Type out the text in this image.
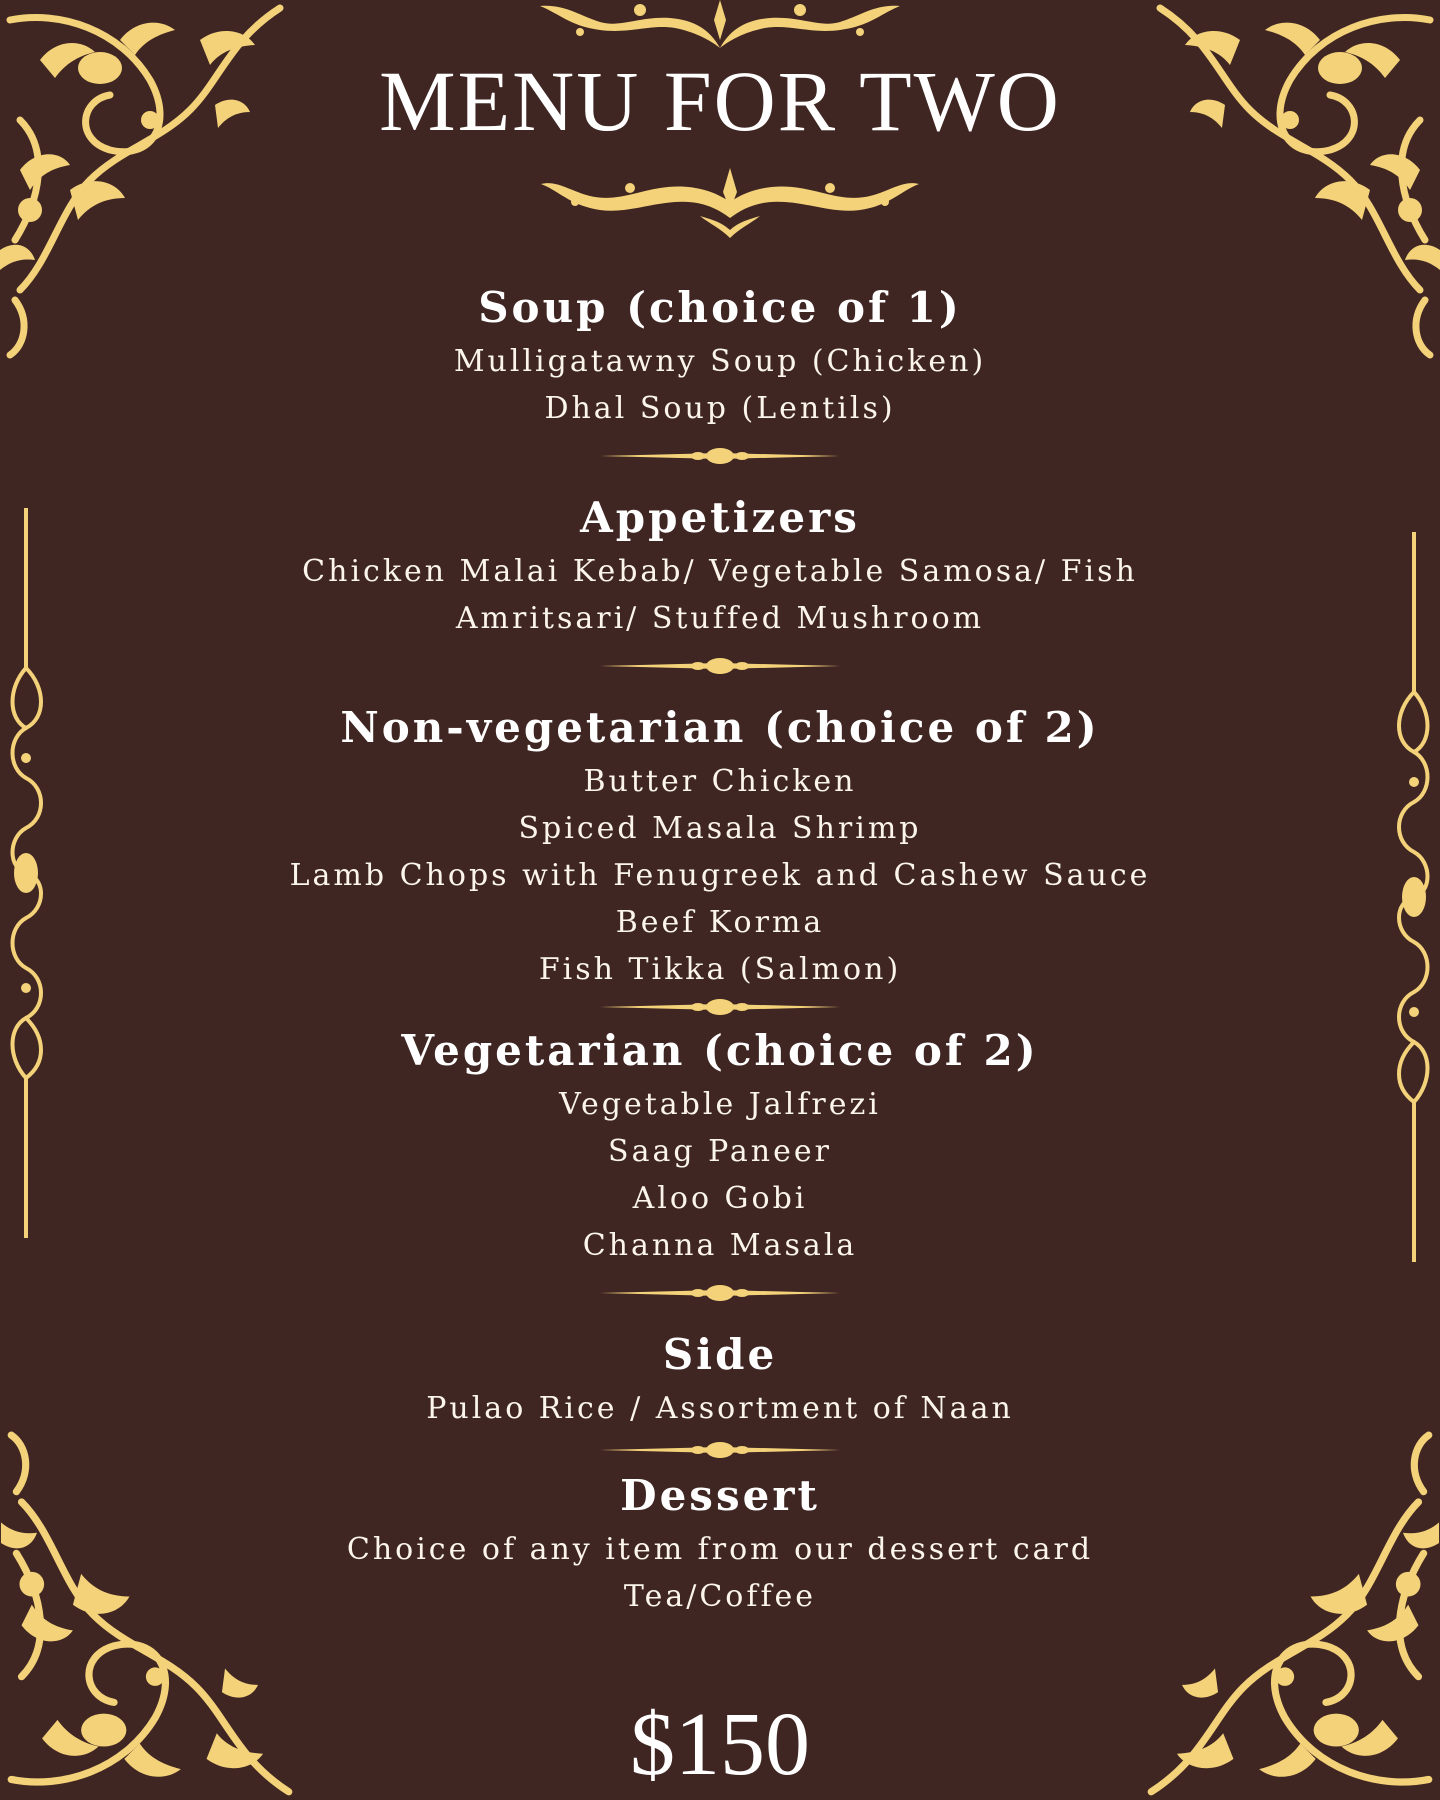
MENU FOR TWO
Soup (choice of 1)

Mulligatawny Soup (Chicken)

Dhal Soup (Lentils)

Appetizers

Chicken Malai Kebab/ Vegetable Samosa/ Fish

Amritsari/ Stuffed Mushroom

Non-vegetarian (choice of 2)

Butter Chicken

Spiced Masala Shrimp

Lamb Chops with Fenugreek and Cashew Sauce

Beef Korma

Fish Tikka (Salmon)

Vegetarian (choice of 2)

Vegetable Jalfrezi

Saag Paneer

Aloo Gobi

Channa Masala

Side

Pulao Rice / Assortment of Naan

Dessert

Choice of any item from our dessert card

Tea/Coffee

$150
